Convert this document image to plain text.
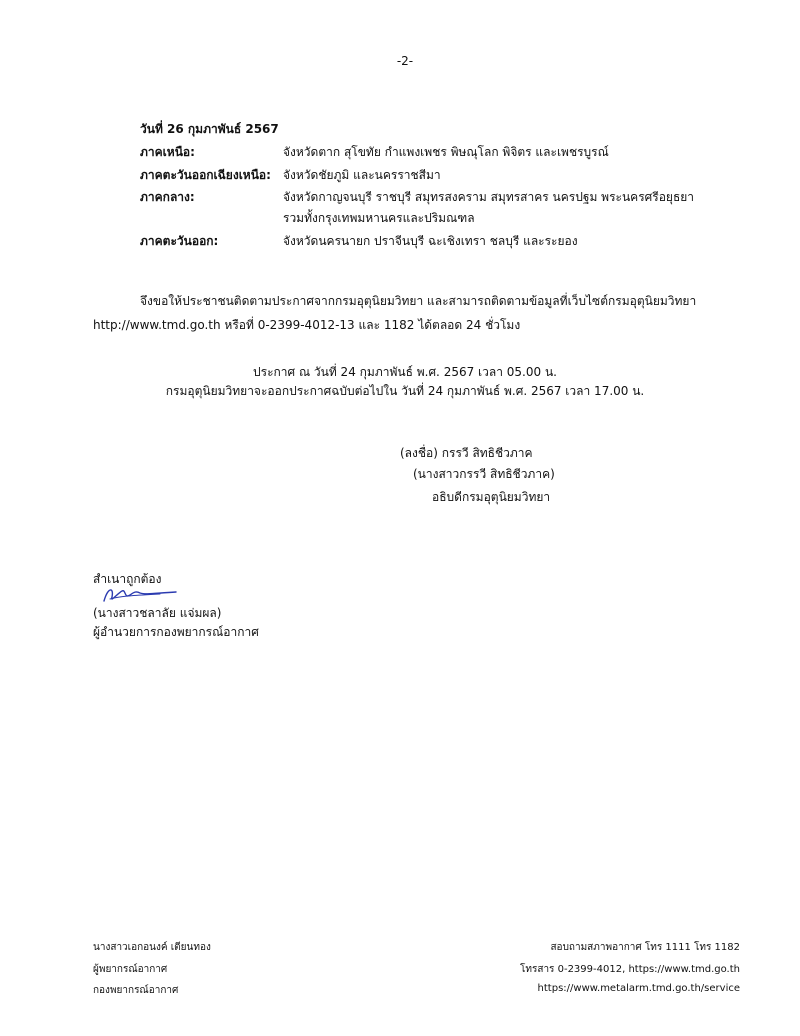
-2-
วันที่ 26 กุมภาพันธ์ 2567
ภาคเหนือ:	จังหวัดตาก สุโขทัย กำแพงเพชร พิษณุโลก พิจิตร และเพชรบูรณ์
ภาคตะวันออกเฉียงเหนือ: จังหวัดชัยภูมิ และนครราชสีมา
ภาคกลาง:	จังหวัดกาญจนบุรี ราชบุรี สมุทรสงคราม สมุทรสาคร นครปฐม พระนครศรีอยุธยา
รวมทั้งกรุงเทพมหานครและปริมณฑล
ภาคตะวันออก:	จังหวัดนครนายก ปราจีนบุรี ฉะเชิงเทรา ชลบุรี และระยอง
จึงขอให้ประชาชนติดตามประกาศจากกรมอุตุนิยมวิทยา และสามารถติดตามข้อมูลที่เว็บไซต์กรมอุตุนิยมวิทยา
http://www.tmd.go.th หรือที่ 0-2399-4012-13 และ 1182 ได้ตลอด 24 ชั่วโมง
ประกาศ ณ วันที่ 24 กุมภาพันธ์ พ.ศ. 2567 เวลา 05.00 น.
กรมอุตุนิยมวิทยาจะออกประกาศฉบับต่อไปใน วันที่ 24 กุมภาพันธ์ พ.ศ. 2567 เวลา 17.00 น.
(ลงชื่อ) กรรวี สิทธิชีวภาค
(นางสาวกรรวี สิทธิชีวภาค)
อธิบดีกรมอุตุนิยมวิทยา
สำเนาถูกต้อง
(นางสาวชลาลัย แจ่มผล)
ผู้อำนวยการกองพยากรณ์อากาศ
นางสาวเอกอนงค์ เตียนทอง
ผู้พยากรณ์อากาศ
กองพยากรณ์อากาศ
สอบถามสภาพอากาศ โทร 1111 โทร 1182
โทรสาร 0-2399-4012, https://www.tmd.go.th
https://www.metalarm.tmd.go.th/service
